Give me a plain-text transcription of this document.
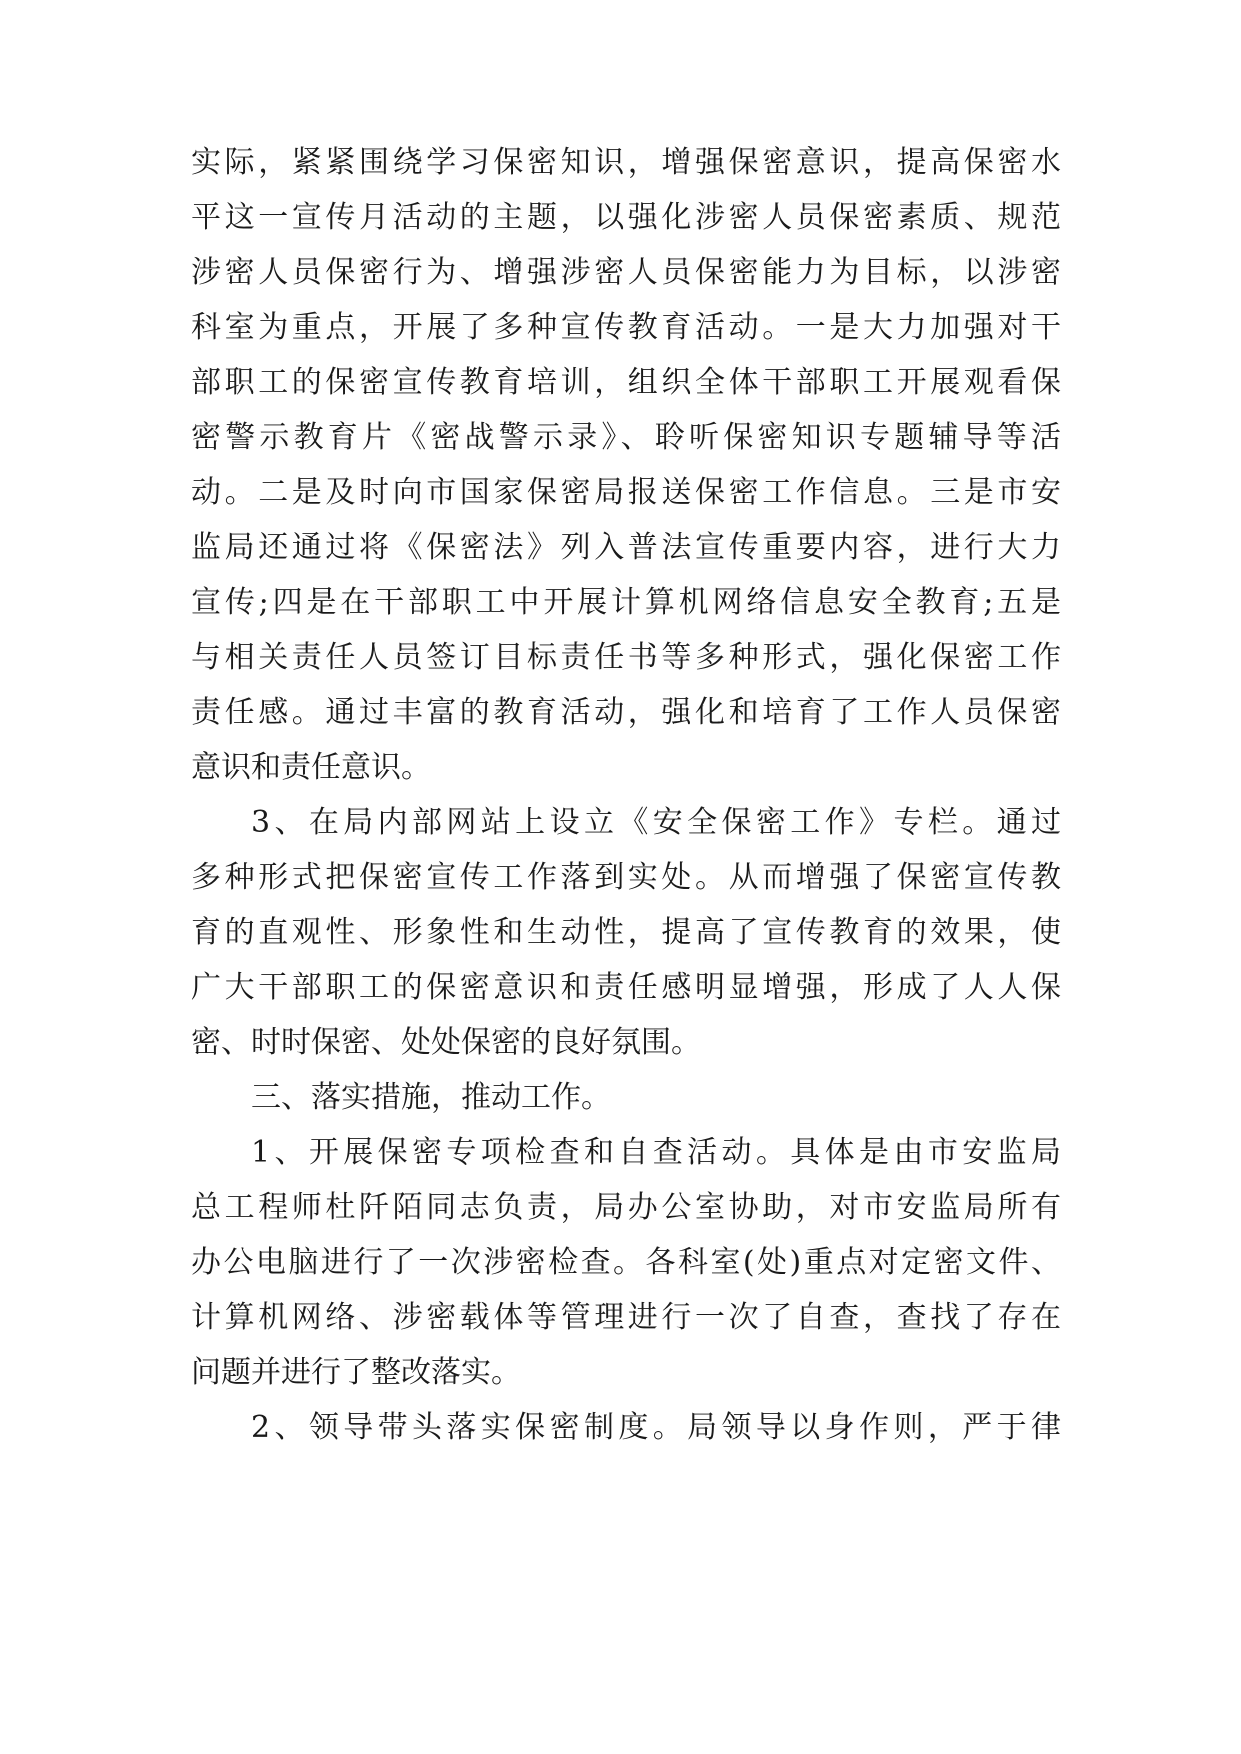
实际，紧紧围绕学习保密知识，增强保密意识，提高保密水

平这一宣传月活动的主题，以强化涉密人员保密素质、规范

涉密人员保密行为、增强涉密人员保密能力为目标，以涉密

科室为重点，开展了多种宣传教育活动。一是大力加强对干

部职工的保密宣传教育培训，组织全体干部职工开展观看保

密警示教育片《密战警示录》、聆听保密知识专题辅导等活

动。二是及时向市国家保密局报送保密工作信息。三是市安

监局还通过将《保密法》列入普法宣传重要内容，进行大力

宣传;四是在干部职工中开展计算机网络信息安全教育;五是

与相关责任人员签订目标责任书等多种形式，强化保密工作

责任感。通过丰富的教育活动，强化和培育了工作人员保密

意识和责任意识。

3、在局内部网站上设立《安全保密工作》专栏。通过

多种形式把保密宣传工作落到实处。从而增强了保密宣传教

育的直观性、形象性和生动性，提高了宣传教育的效果，使

广大干部职工的保密意识和责任感明显增强，形成了人人保

密、时时保密、处处保密的良好氛围。

三、落实措施，推动工作。

1、开展保密专项检查和自查活动。具体是由市安监局

总工程师杜阡陌同志负责，局办公室协助，对市安监局所有

办公电脑进行了一次涉密检查。各科室(处)重点对定密文件、

计算机网络、涉密载体等管理进行一次了自查，查找了存在

问题并进行了整改落实。

2、领导带头落实保密制度。局领导以身作则，严于律
